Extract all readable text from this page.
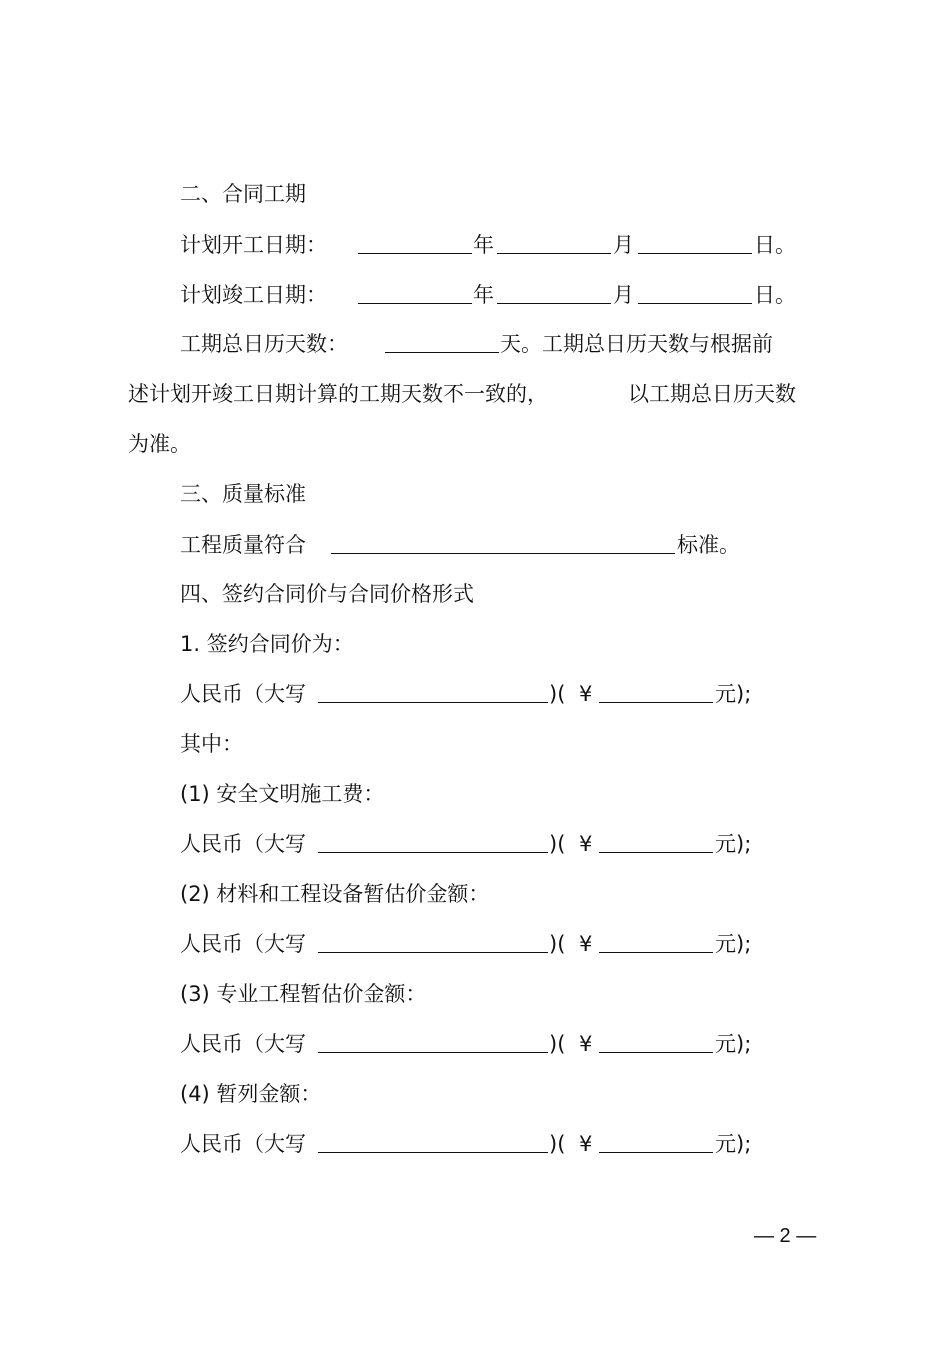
二、合同工期
计划开工日期：	年	月	日。
计划竣工日期：	年	月	日。
工期总日历天数：	天。工期总日历天数与根据前
述计划开竣工日期计算的工期天数不一致的，	以工期总日历天数
为准。
三、质量标准
工程质量符合	标准。
四、签约合同价与合同价格形式
1. 签约合同价为：
人民币（大写	)( ¥	元);
其中：
(1) 安全文明施工费：
人民币（大写	)( ¥	元);
(2) 材料和工程设备暂估价金额：
人民币（大写	)( ¥	元);
(3) 专业工程暂估价金额：
人民币（大写	)( ¥	元);
(4) 暂列金额：
人民币（大写	)( ¥	元);
— 2 —
